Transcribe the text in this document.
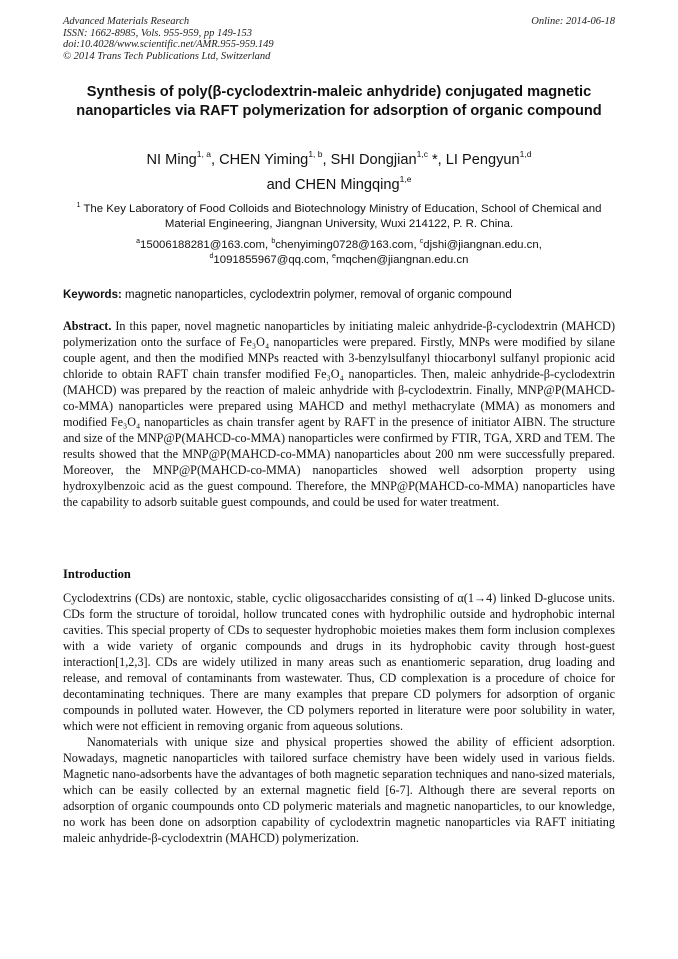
Advanced Materials Research
ISSN: 1662-8985, Vols. 955-959, pp 149-153
doi:10.4028/www.scientific.net/AMR.955-959.149
© 2014 Trans Tech Publications Ltd, Switzerland
Online: 2014-06-18
Synthesis of poly(β-cyclodextrin-maleic anhydride) conjugated magnetic nanoparticles via RAFT polymerization for adsorption of organic compound
NI Ming$^{1, a}$, CHEN Yiming$^{1, b}$, SHI Dongjian$^{1,c}$ *, LI Pengyun$^{1,d}$
and CHEN Mingqing$^{1,e}$
$^1$ The Key Laboratory of Food Colloids and Biotechnology Ministry of Education, School of Chemical and Material Engineering, Jiangnan University, Wuxi 214122, P. R. China.
$^a$15006188281@163.com, $^b$chenyiming0728@163.com, $^c$djshi@jiangnan.edu.cn,
$^d$1091855967@qq.com, $^e$mqchen@jiangnan.edu.cn
Keywords: magnetic nanoparticles, cyclodextrin polymer, removal of organic compound
Abstract. In this paper, novel magnetic nanoparticles by initiating maleic anhydride-β-cyclodextrin (MAHCD) polymerization onto the surface of Fe₃O₄ nanoparticles were prepared. Firstly, MNPs were modified by silane couple agent, and then the modified MNPs reacted with 3-benzylsulfanyl thiocarbonyl sulfanyl propionic acid chloride to obtain RAFT chain transfer modified Fe₃O₄ nanoparticles. Then, maleic anhydride-β-cyclodextrin (MAHCD) was prepared by the reaction of maleic anhydride with β-cyclodextrin. Finally, MNP@P(MAHCD-co-MMA) nanoparticles were prepared using MAHCD and methyl methacrylate (MMA) as monomers and modified Fe₃O₄ nanoparticles as chain transfer agent by RAFT in the presence of initiator AIBN. The structure and size of the MNP@P(MAHCD-co-MMA) nanoparticles were confirmed by FTIR, TGA, XRD and TEM. The results showed that the MNP@P(MAHCD-co-MMA) nanoparticles about 200 nm were successfully prepared. Moreover, the MNP@P(MAHCD-co-MMA) nanoparticles showed well adsorption property using hydroxylbenzoic acid as the guest compound. Therefore, the MNP@P(MAHCD-co-MMA) nanoparticles have the capability to adsorb suitable guest compounds, and could be used for water treatment.
Introduction

Cyclodextrins (CDs) are nontoxic, stable, cyclic oligosaccharides consisting of α(1→4) linked D-glucose units. CDs form the structure of toroidal, hollow truncated cones with hydrophilic outside and hydrophobic internal cavities. This special property of CDs to sequester hydrophobic moieties makes them form inclusion complexes with a wide variety of organic compounds and drugs in its hydrophobic cavity through host-guest interaction[1,2,3]. CDs are widely utilized in many areas such as enantiomeric separation, drug loading and release, and removal of contaminants from wastewater. Thus, CD complexation is a procedure of choice for decontaminating techniques. There are many examples that prepare CD polymers for adsorption of organic compounds in polluted water. However, the CD polymers reported in literature were poor solubility in water, which were not efficient in removing organic from aqueous solutions.

Nanomaterials with unique size and physical properties showed the ability of efficient adsorption. Nowadays, magnetic nanoparticles with tailored surface chemistry have been widely used in various fields. Magnetic nano-adsorbents have the advantages of both magnetic separation techniques and nano-sized materials, which can be easily collected by an external magnetic field [6-7]. Although there are several reports on adsorption of organic coumpounds onto CD polymeric materials and magnetic nanoparticles, to our knowledge, no work has been done on adsorption capability of cyclodextrin magnetic nanoparticles via RAFT initiating maleic anhydride-β-cyclodextrin (MAHCD) polymerization.
